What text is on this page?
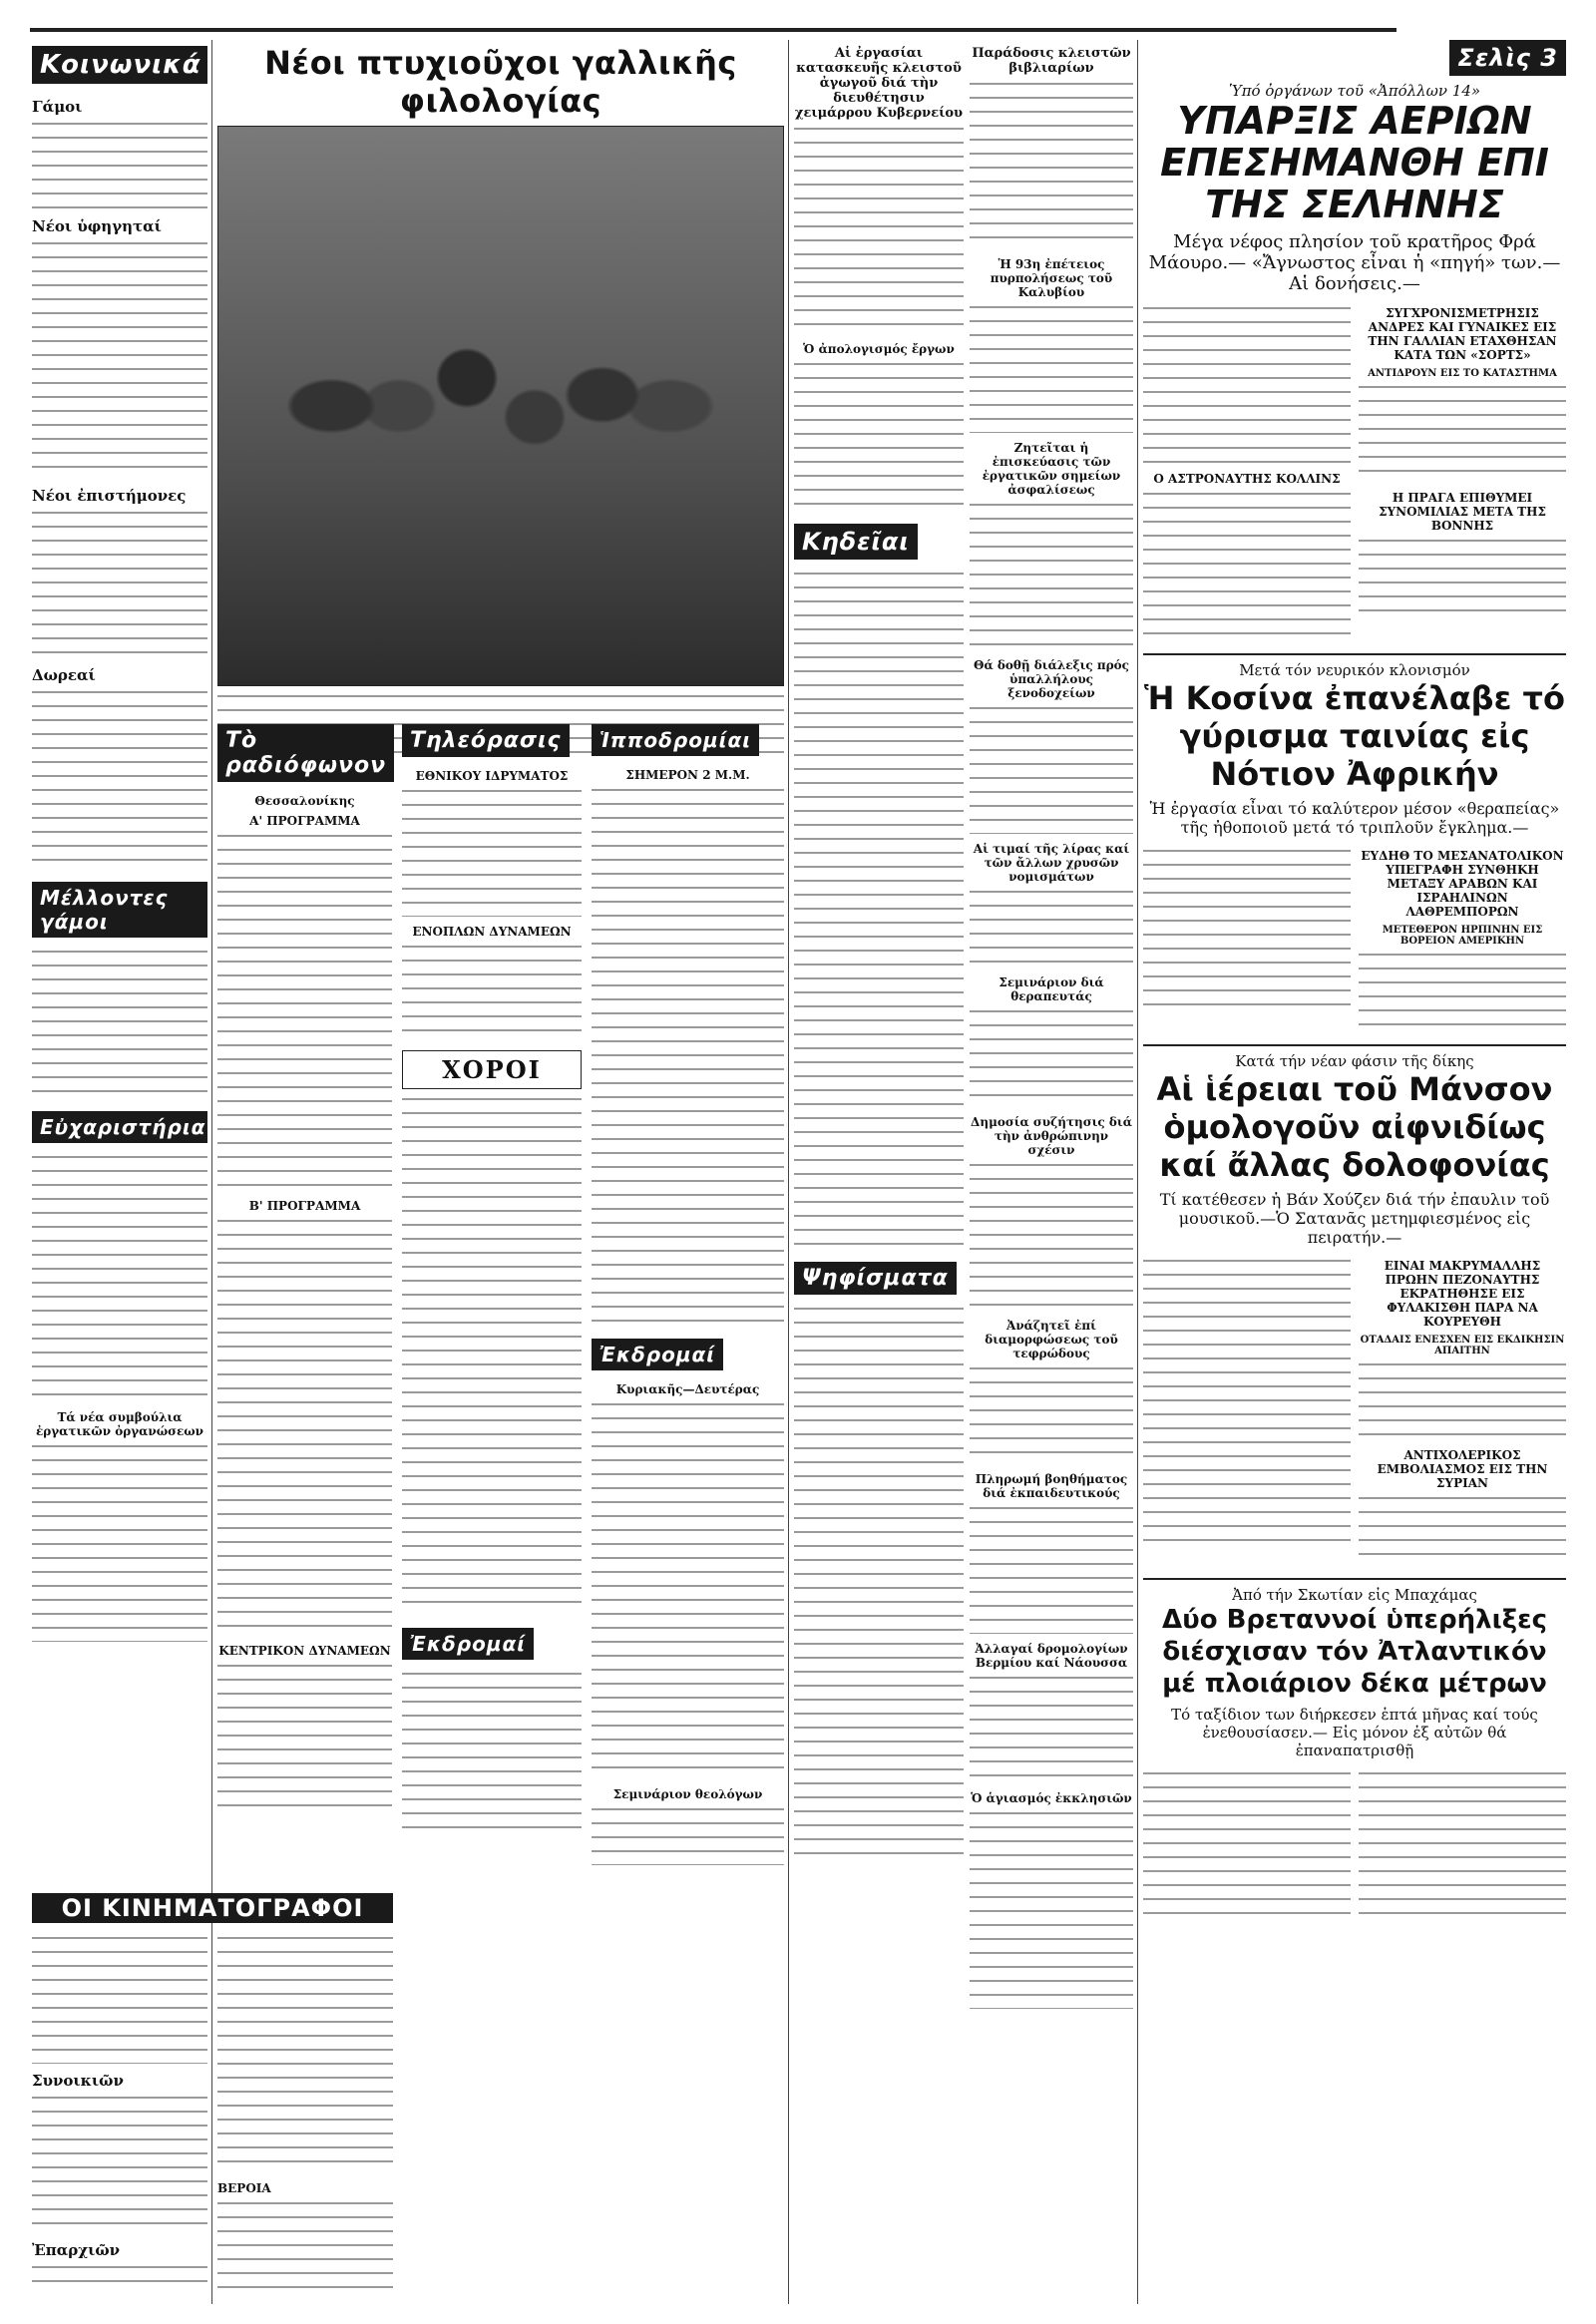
Κοινωνικά
Γάμοι
Νέοι ὑφηγηταί
Νέοι ἐπιστήμονες
Δωρεαί
Μέλλοντες γάμοι
Εὐχαριστήρια
Τά νέα συμβούλια ἐργατικῶν ὀργανώσεων
ΟΙ ΚΙΝΗΜΑΤΟΓΡΑΦΟΙ
Συνοικιῶν
Ἐπαρχιῶν
ΒΕΡΟΙΑ
Νέοι πτυχιοῦχοι γαλλικῆς φιλολογίας
Τὸ ραδιόφωνον
Θεσσαλονίκης
Α' ΠΡΟΓΡΑΜΜΑ
Β' ΠΡΟΓΡΑΜΜΑ
ΚΕΝΤΡΙΚΟΝ ΔΥΝΑΜΕΩΝ
Τηλεόρασις
ΕΘΝΙΚΟΥ ΙΔΡΥΜΑΤΟΣ
ΕΝΟΠΛΩΝ ΔΥΝΑΜΕΩΝ
ΧΟΡΟΙ
Ἐκδρομαί
Ἱπποδρομίαι
ΣΗΜΕΡΟΝ 2 Μ.Μ.
Ἐκδρομαί
Κυριακῆς—Δευτέρας
Σεμινάριον θεολόγων
Αἱ ἐργασίαι κατασκευῆς κλειστοῦ ἀγωγοῦ διά τὴν διευθέτησιν χειμάρρου Κυβερνείου
Ὁ ἀπολογισμός ἔργων
Κηδεῖαι
Ψηφίσματα
Παράδοσις κλειστῶν βιβλιαρίων
Ἡ 93η ἐπέτειος πυρπολήσεως τοῦ Καλυβίου
Ζητεῖται ἡ ἐπισκεύασις τῶν ἐργατικῶν σημείων ἀσφαλίσεως
Θά δοθῇ διάλεξις πρός ὑπαλλήλους ξενοδοχείων
Αἱ τιμαί τῆς λίρας καί τῶν ἄλλων χρυσῶν νομισμάτων
Σεμινάριον διά θεραπευτάς
Δημοσία συζήτησις διά τὴν ἀνθρώπινην σχέσιν
Ἀνάζητεῖ ἐπί διαμορφώσεως τοῦ τεφρώδους
Πληρωμή βοηθήματος διά ἐκπαιδευτικούς
Ἀλλαγαί δρομολογίων Βερμίου καί Νάουσσα
Ὁ ἁγιασμός ἐκκλησιῶν
Σελὶς 3
Ὑπό ὀργάνων τοῦ «Ἀπόλλων 14»
ΥΠΑΡΞΙΣ ΑΕΡΙΩΝ ΕΠΕΣΗΜΑΝΘΗ ΕΠΙ ΤΗΣ ΣΕΛΗΝΗΣ
Μέγα νέφος πλησίον τοῦ κρατῆρος Φρά Μάουρο.— «Ἄγνωστος εἶναι ἡ «πηγή» των.— Αἱ δονήσεις.—
Ο ΑΣΤΡΟΝΑΥΤΗΣ ΚΟΛΛΙΝΣ
ΣΥΓΧΡΟΝΙΣΜΕΤΡΗΣΙΣ ΑΝΔΡΕΣ ΚΑΙ ΓΥΝΑΙΚΕΣ ΕΙΣ ΤΗΝ ΓΑΛΛΙΑΝ ΕΤΑΧΘΗΣΑΝ ΚΑΤΑ ΤΩΝ «ΣΟΡΤΣ»
ΑΝΤΙΔΡΟΥΝ ΕΙΣ ΤΟ ΚΑΤΑΣΤΗΜΑ
Η ΠΡΑΓΑ ΕΠΙΘΥΜΕΙ ΣΥΝΟΜΙΛΙΑΣ ΜΕΤΑ ΤΗΣ ΒΟΝΝΗΣ
Μετά τόν νευρικόν κλονισμόν
Ἡ Κοσίνα ἐπανέλαβε τό γύρισμα ταινίας εἰς Νότιον Ἀφρικήν
Ἡ ἐργασία εἶναι τό καλύτερον μέσον «θεραπείας» τῆς ἠθοποιοῦ μετά τό τριπλοῦν ἔγκλημα.—
ΕΥΔΗΘ ΤΟ ΜΕΣΑΝΑΤΟΛΙΚΟΝ ΥΠΕΓΡΑΦΗ ΣΥΝΘΗΚΗ ΜΕΤΑΞΥ ΑΡΑΒΩΝ ΚΑΙ ΙΣΡΑΗΛΙΝΩΝ ΛΑΘΡΕΜΠΟΡΩΝ
ΜΕΤΕΘΕΡΟΝ ΗΡΠΙΝΗΝ ΕΙΣ ΒΟΡΕΙΟΝ ΑΜΕΡΙΚΗΝ
Κατά τήν νέαν φάσιν τῆς δίκης
Αἱ ἱέρειαι τοῦ Μάνσον ὁμολογοῦν αἰφνιδίως καί ἄλλας δολοφονίας
Τί κατέθεσεν ἡ Βάν Χούζεν διά τήν ἐπαυλιν τοῦ μουσικοῦ.—Ὁ Σατανᾶς μετημφιεσμένος εἰς πειρατήν.—
ΕΙΝΑΙ ΜΑΚΡΥΜΑΛΛΗΣ ΠΡΩΗΝ ΠΕΖΟΝΑΥΤΗΣ ΕΚΡΑΤΗΘΗΣΕ ΕΙΣ ΦΥΛΑΚΙΣΘΗ ΠΑΡΑ ΝΑ ΚΟΥΡΕΥΘΗ
ΟΤΑΔΑΙΣ ΕΝΕΣΧΕΝ ΕΙΣ ΕΚΔΙΚΗΣΙΝ ΑΠΑΙΤΗΝ
ΑΝΤΙΧΟΛΕΡΙΚΟΣ ΕΜΒΟΛΙΑΣΜΟΣ ΕΙΣ ΤΗΝ ΣΥΡΙΑΝ
Ἀπό τήν Σκωτίαν εἰς Μπαχάμας
Δύο Βρεταννοί ὑπερήλιξες διέσχισαν τόν Ἀτλαντικόν μέ πλοιάριον δέκα μέτρων
Τό ταξίδιον των διήρκεσεν ἑπτά μῆνας καί τούς ἐνεθουσίασεν.— Εἰς μόνον ἐξ αὐτῶν θά ἐπαναπατρισθῇ
